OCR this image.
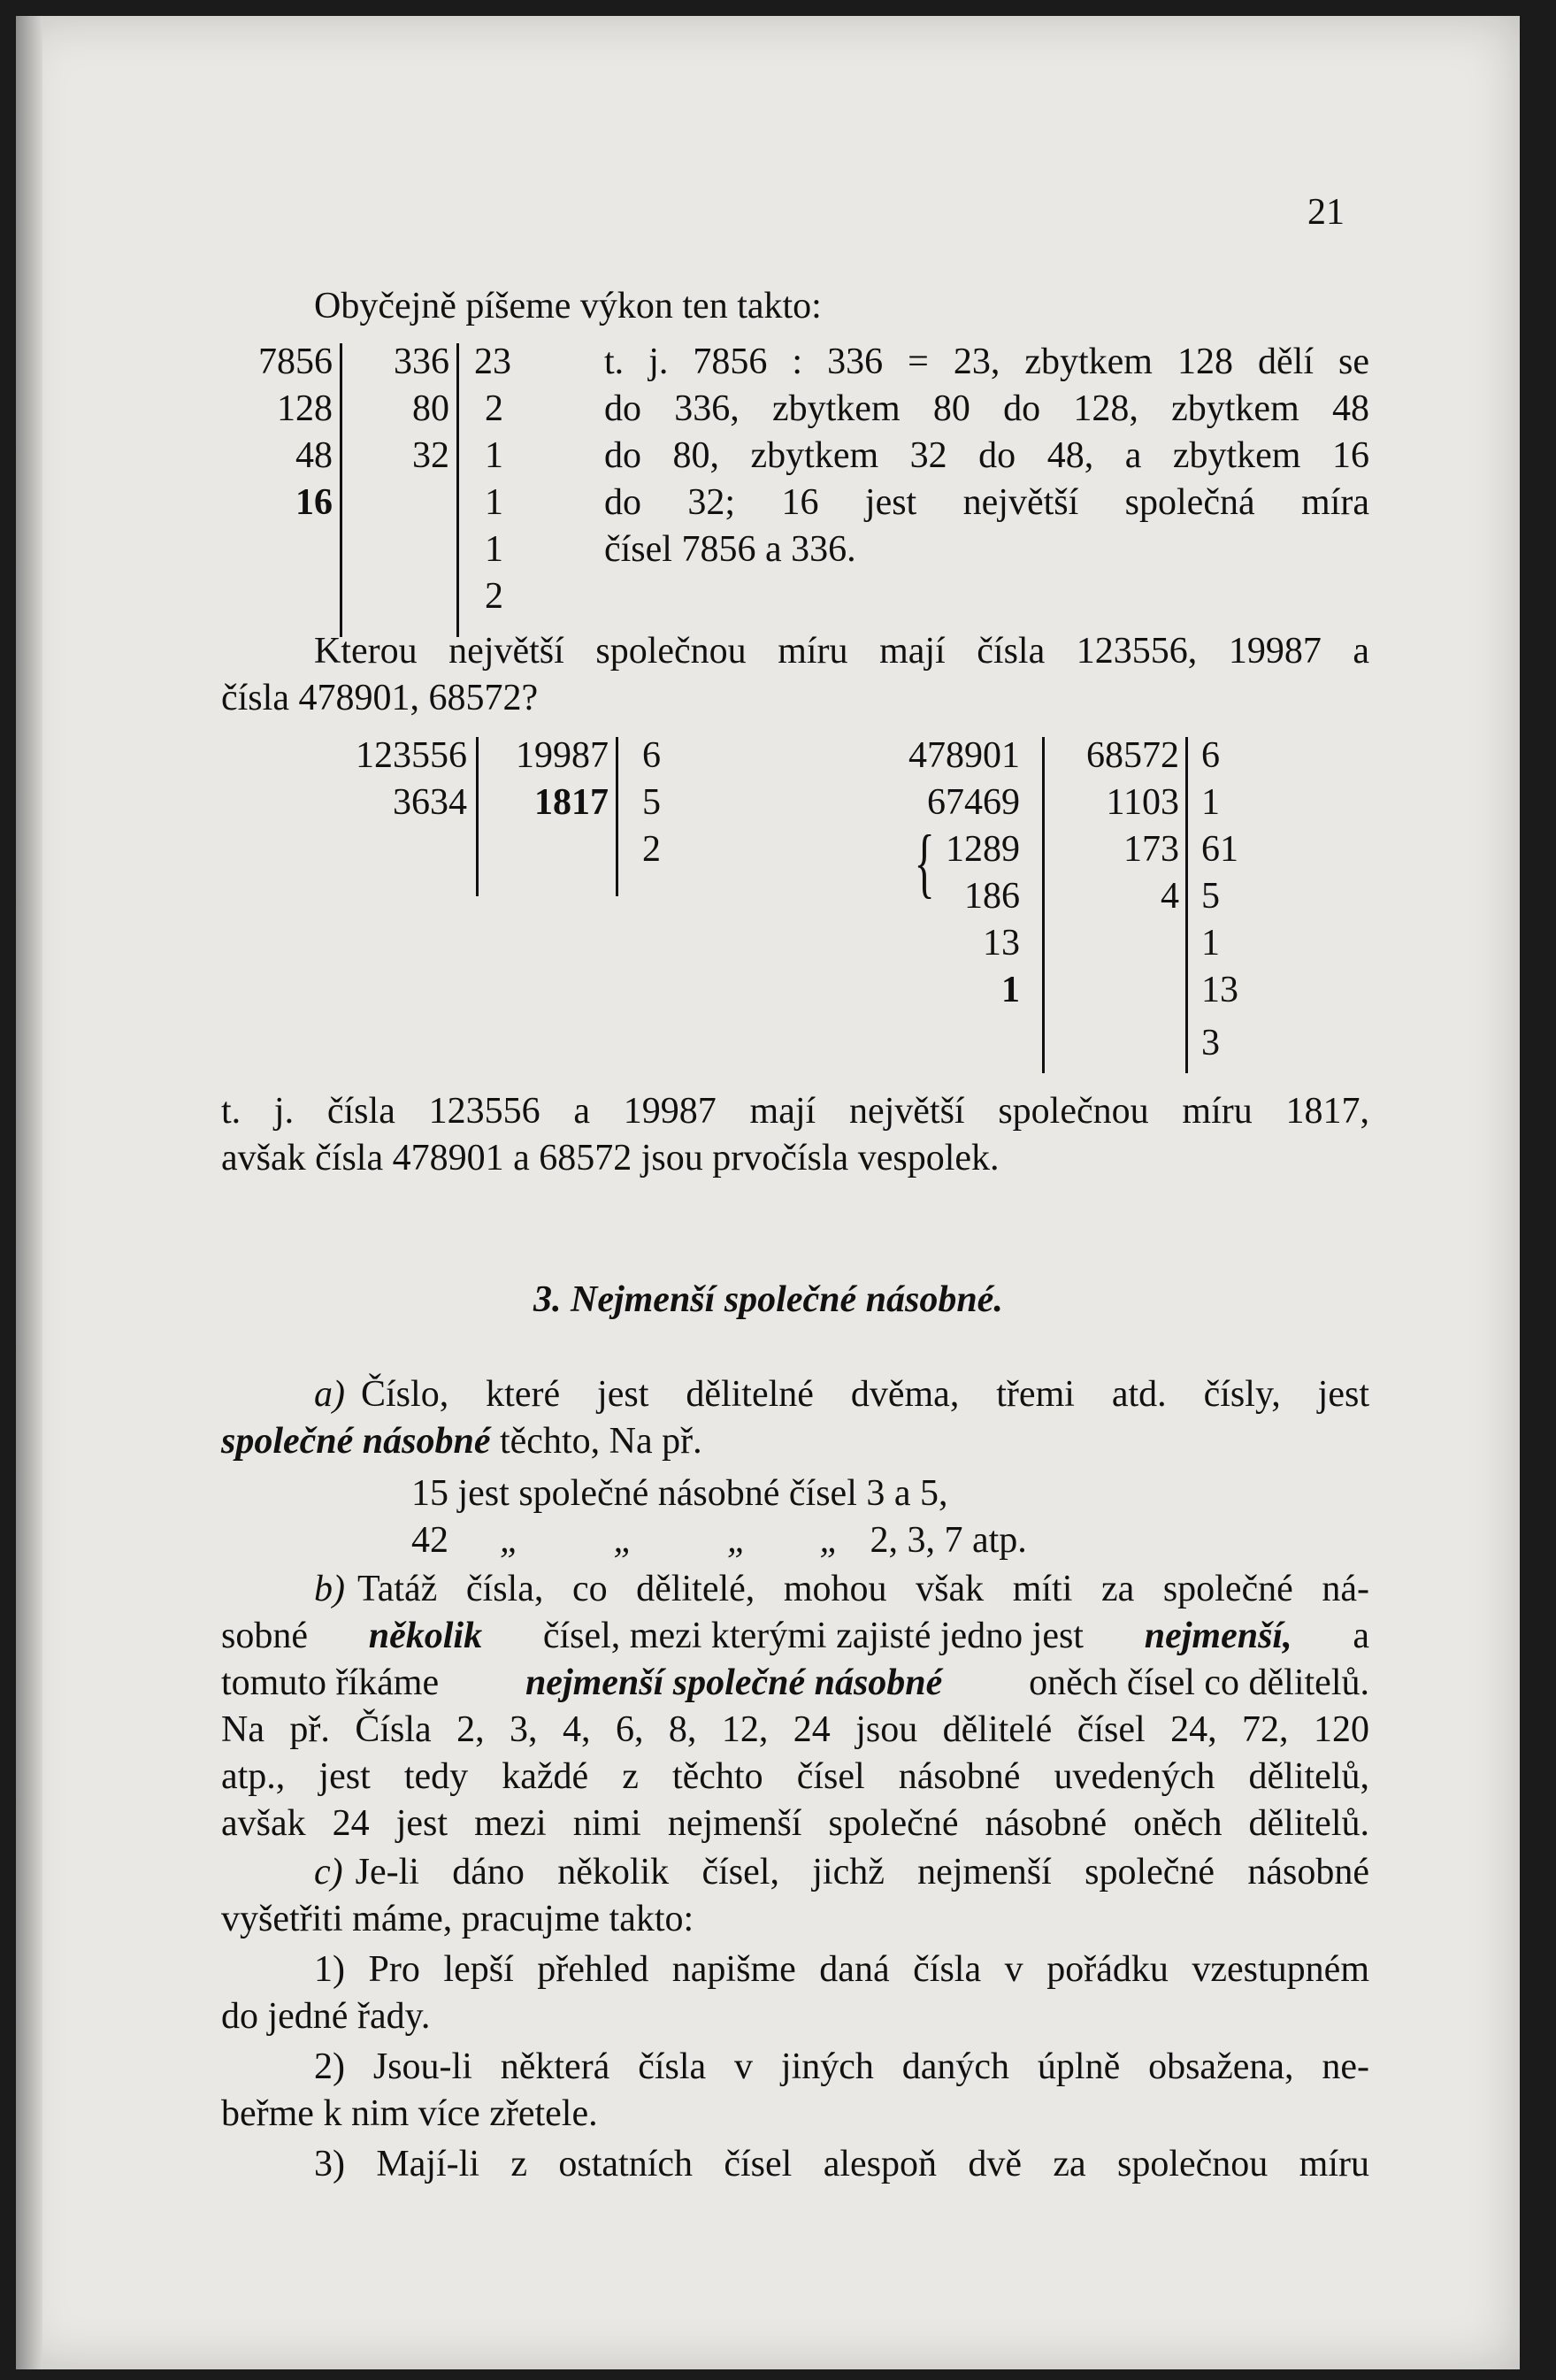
21
Obyčejně píšeme výkon ten takto:
7856
128
48
16
336
80
32
23
2
1
1
1
2
t. j. 7856 : 336 = 23, zbytkem 128 dělí se
do 336, zbytkem 80 do 128, zbytkem 48
do 80, zbytkem 32 do 48, a zbytkem 16
do 32; 16 jest největší společná míra
čísel 7856 a 336.
Kterou největší společnou míru mají čísla 123556, 19987 a
čísla 478901, 68572?
123556
3634
19987
1817
6
5
2
478901
67469
1289
186
13
1
{
68572
1103
173
4
6
1
61
5
1
13
3
t. j. čísla 123556 a 19987 mají největší společnou míru 1817,
avšak čísla 478901 a 68572 jsou prvočísla vespolek.
3. Nejmenší společné násobné.
a) Číslo, které jest dělitelné dvěma, třemi atd. čísly, jest
společné násobné těchto, Na př.
15 jest společné násobné čísel 3 a 5,
42 „	„	„ „ 2, 3, 7 atp.
b) Tatáž čísla, co dělitelé, mohou však míti za společné ná-
sobné několik čísel, mezi kterými zajisté jedno jest nejmenší, a
tomuto říkáme nejmenší společné násobné oněch čísel co dělitelů.
Na př. Čísla 2, 3, 4, 6, 8, 12, 24 jsou dělitelé čísel 24, 72, 120
atp., jest tedy každé z těchto čísel násobné uvedených dělitelů,
avšak 24 jest mezi nimi nejmenší společné násobné oněch dělitelů.
c) Je-li dáno několik čísel, jichž nejmenší společné násobné
vyšetřiti máme, pracujme takto:
1) Pro lepší přehled napišme daná čísla v pořádku vzestupném
do jedné řady.
2) Jsou-li některá čísla v jiných daných úplně obsažena, ne-
beřme k nim více zřetele.
3) Mají-li z ostatních čísel alespoň dvě za společnou míru
